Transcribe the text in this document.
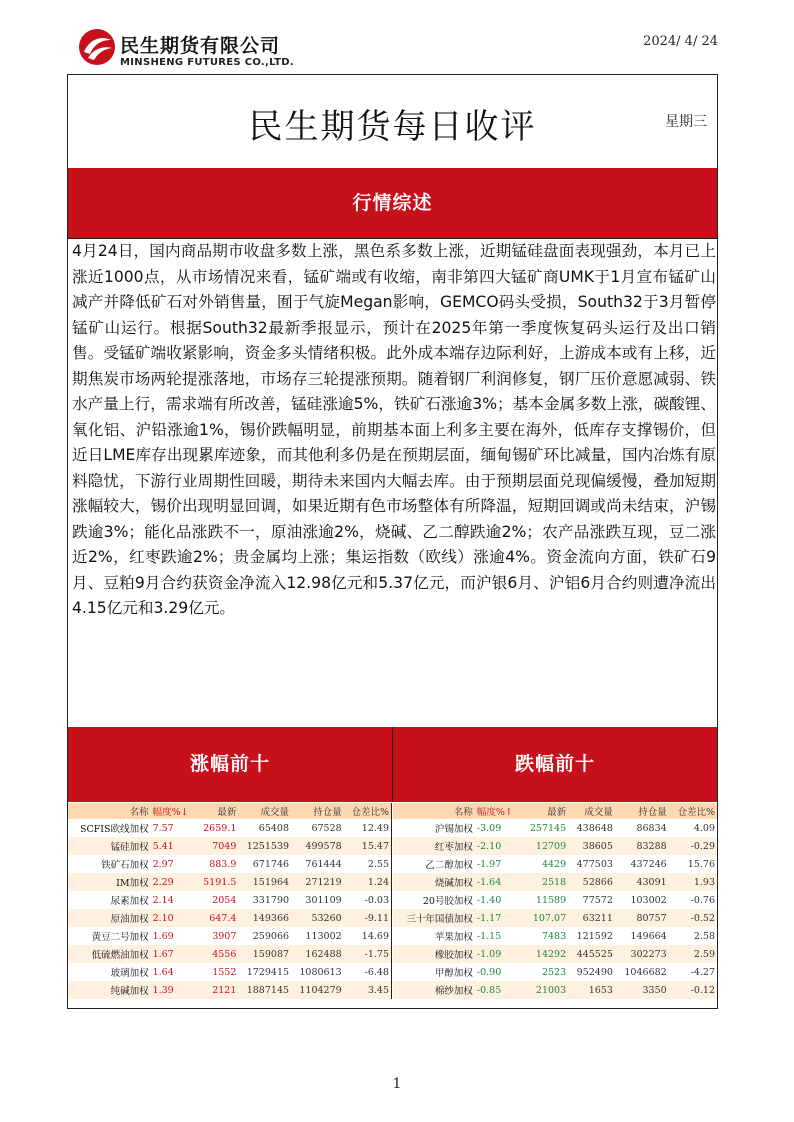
民生期货有限公司
MINSHENG FUTURES CO.,LTD.
2024/ 4/ 24
民生期货每日收评	星期三
行情综述

4月24日，国内商品期市收盘多数上涨，黑色系多数上涨，近期锰硅盘面表现强劲，本月已上涨近1000点，从市场情况来看，锰矿端或有收缩，南非第四大锰矿商UMK于1月宣布锰矿山减产并降低矿石对外销售量，囿于气旋Megan影响，GEMCO码头受损，South32于3月暂停锰矿山运行。根据South32最新季报显示，预计在2025年第一季度恢复码头运行及出口销售。受锰矿端收紧影响，资金多头情绪积极。此外成本端存边际利好，上游成本或有上移，近期焦炭市场两轮提涨落地，市场存三轮提涨预期。随着钢厂利润修复，钢厂压价意愿减弱、铁水产量上行，需求端有所改善，锰硅涨逾5%，铁矿石涨逾3%；基本金属多数上涨，碳酸锂、氧化铝、沪铅涨逾1%，锡价跌幅明显，前期基本面上利多主要在海外，低库存支撑锡价，但近日LME库存出现累库迹象，而其他利多仍是在预期层面，缅甸锡矿环比减量，国内冶炼有原料隐忧，下游行业周期性回暖，期待未来国内大幅去库。由于预期层面兑现偏缓慢，叠加短期涨幅较大，锡价出现明显回调，如果近期有色市场整体有所降温，短期回调或尚未结束，沪锡跌逾3%；能化品涨跌不一，原油涨逾2%，烧碱、乙二醇跌逾2%；农产品涨跌互现，豆二涨近2%，红枣跌逾2%；贵金属均上涨；集运指数（欧线）涨逾4%。资金流向方面，铁矿石9月、豆粕9月合约获资金净流入12.98亿元和5.37亿元，而沪银6月、沪铝6月合约则遭净流出4.15亿元和3.29亿元。

涨幅前十	跌幅前十
名称	幅度%↓	最新	成交量	持仓量	仓差比%
SCFIS欧线加权	7.57	2659.1	65408	67528	12.49
锰硅加权	5.41	7049	1251539	499578	15.47
铁矿石加权	2.97	883.9	671746	761444	2.55
IM加权	2.29	5191.5	151964	271219	1.24
尿素加权	2.14	2054	331790	301109	-0.03
原油加权	2.10	647.4	149366	53260	-9.11
黄豆二号加权	1.69	3907	259066	113002	14.69
低硫燃油加权	1.67	4556	159087	162488	-1.75
玻璃加权	1.64	1552	1729415	1080613	-6.48
纯碱加权	1.39	2121	1887145	1104279	3.45
名称	幅度%↑	最新	成交量	持仓量	仓差比%
沪锡加权	-3.09	257145	438648	86834	4.09
红枣加权	-2.10	12709	38605	83288	-0.29
乙二醇加权	-1.97	4429	477503	437246	15.76
烧碱加权	-1.64	2518	52866	43091	1.93
20号胶加权	-1.40	11589	77572	103002	-0.76
三十年国债加权	-1.17	107.07	63211	80757	-0.52
苹果加权	-1.15	7483	121592	149664	2.58
橡胶加权	-1.09	14292	445525	302273	2.59
甲醇加权	-0.90	2523	952490	1046682	-4.27
棉纱加权	-0.85	21003	1653	3350	-0.12
1
